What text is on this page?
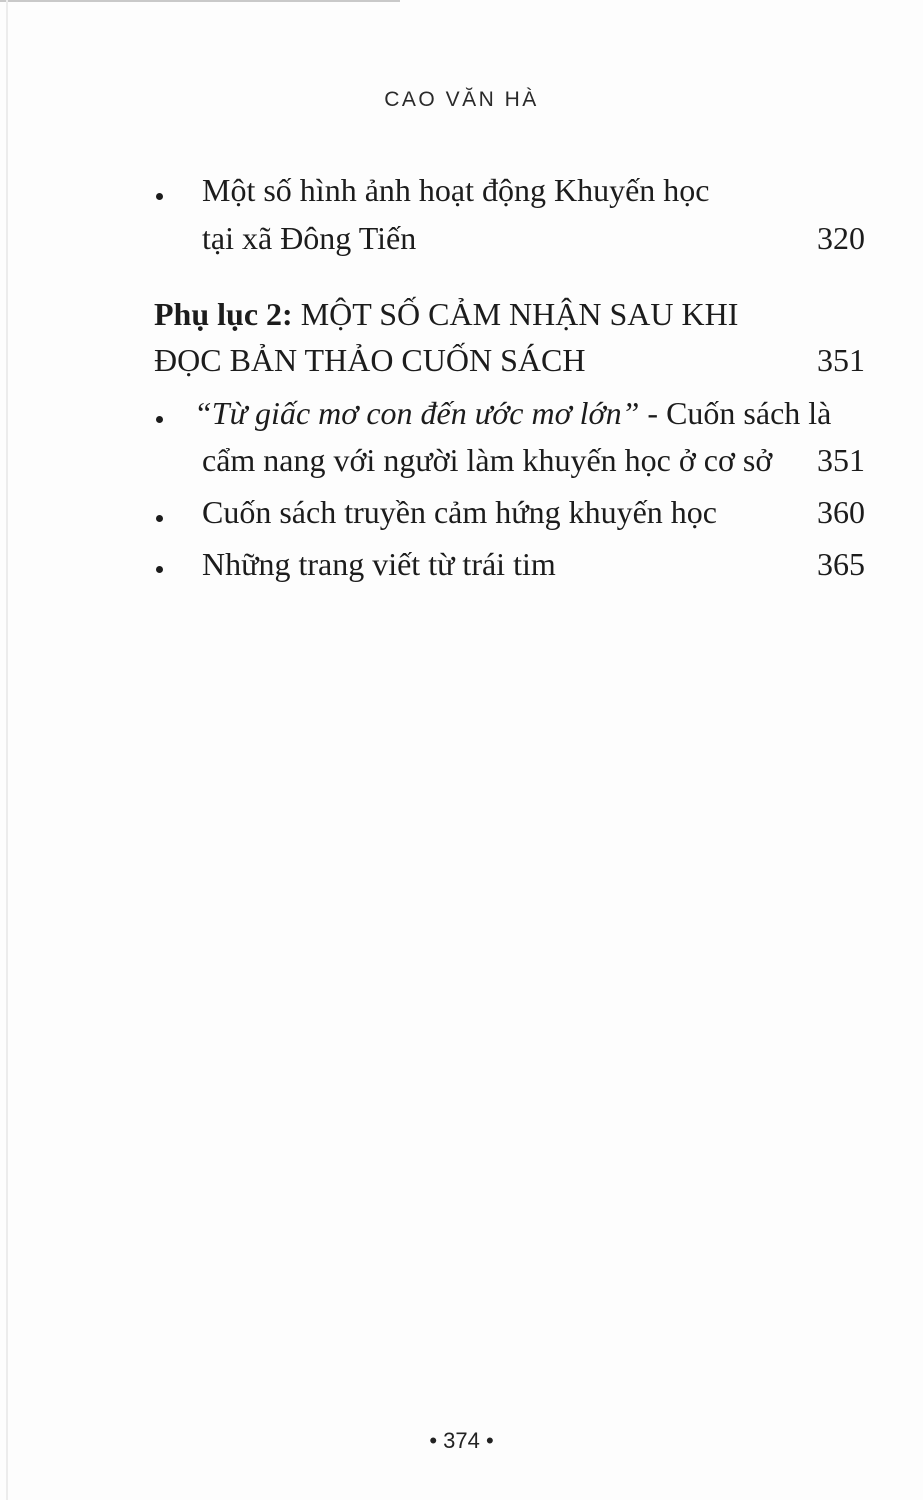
CAO VĂN HÀ
Một số hình ảnh hoạt động Khuyến học
tại xã Đông Tiến	320
Phụ lục 2: MỘT SỐ CẢM NHẬN SAU KHI
ĐỌC BẢN THẢO CUỐN SÁCH	351
“Từ giấc mơ con đến ước mơ lớn” - Cuốn sách là
cẩm nang với người làm khuyến học ở cơ sở 351
Cuốn sách truyền cảm hứng khuyến học	360
Những trang viết từ trái tim	365
• 374 •
